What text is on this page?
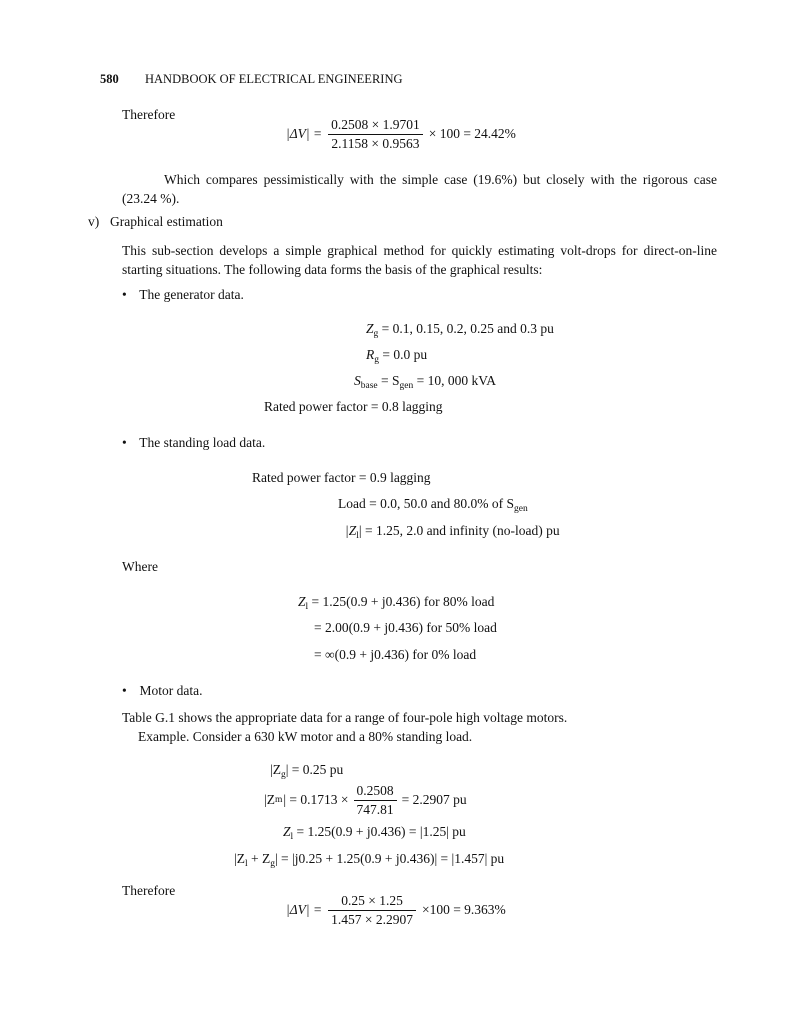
580 HANDBOOK OF ELECTRICAL ENGINEERING
Therefore
$|\Delta V| = \frac{0.2508 \times 1.9701}{2.1158 \times 0.9563} \times 100 = 24.42\%$
Which compares pessimistically with the simple case (19.6%) but closely with the rigorous case (23.24 %).
v) Graphical estimation
This sub-section develops a simple graphical method for quickly estimating volt-drops for direct-on-line starting situations. The following data forms the basis of the graphical results:
• The generator data.
$Z_g = 0.1$, 0.15, 0.2, 0.25 and 0.3 pu
$R_g = 0.0$ pu
$S_{base} = S_{gen} = 10$, 000 kVA
Rated power factor = 0.8 lagging
• The standing load data.
Rated power factor = 0.9 lagging
Load = 0.0, 50.0 and 80.0% of $S_{gen}$
$|Z_l| = 1.25$, 2.0 and infinity (no-load) pu
Where
$Z_l = 1.25(0.9 + j0.436)$ for 80% load
= 2.00(0.9 + j0.436) for 50% load
= ∞(0.9 + j0.436) for 0% load
• Motor data.
Table G.1 shows the appropriate data for a range of four-pole high voltage motors.
Example. Consider a 630 kW motor and a 80% standing load.
$|Z_g| = 0.25$ pu
|Z m | = $0.1713 \times \frac{0.2508}{747.81} = 2.2907$ pu
$Z_l = 1.25(0.9 + j0.436) = |1.25|$ pu
$|Z_l + Z_g| = |j0.25 + 1.25(0.9 + j0.436)| = |1.457|$ pu
Therefore
$|\Delta V| = \frac{0.25 \times 1.25}{1.457 \times 2.2907} \times 100 = 9.363\%$
